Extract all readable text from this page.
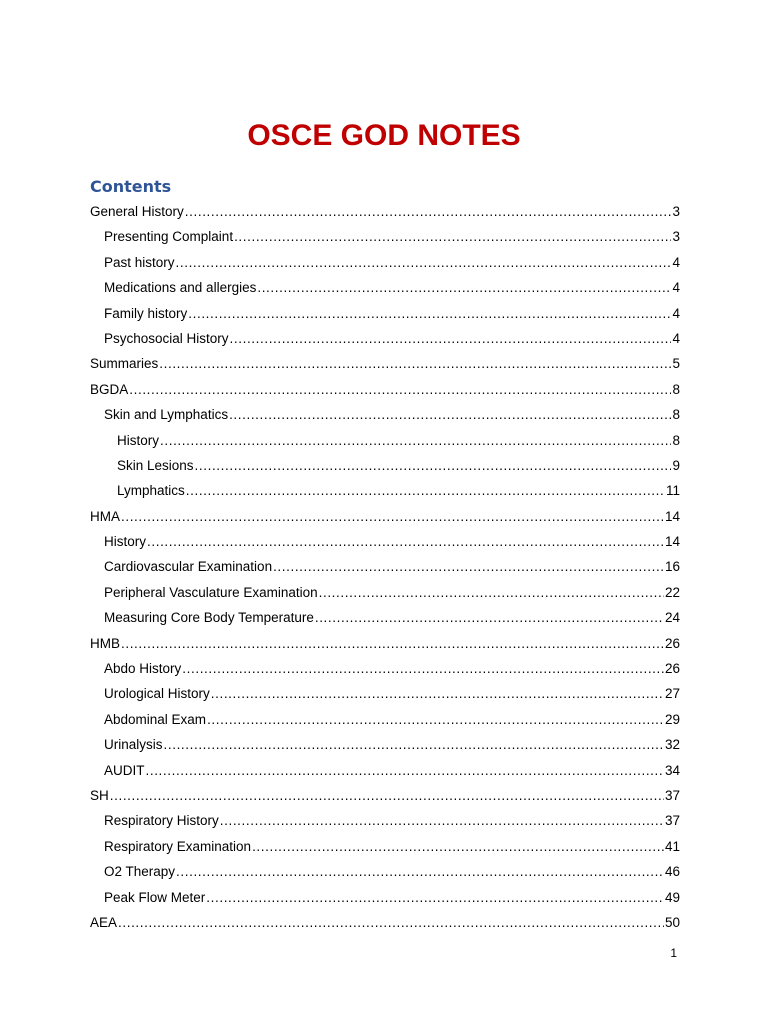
OSCE GOD NOTES
Contents
General History .....	3
Presenting Complaint .....	3
Past history .....	4
Medications and allergies .....	4
Family history .....	4
Psychosocial History .....	4
Summaries .....	5
BGDA .....	8
Skin and Lymphatics .....	8
History .....	8
Skin Lesions .....	9
Lymphatics .....	11
HMA .....	14
History .....	14
Cardiovascular Examination .....	16
Peripheral Vasculature Examination .....	22
Measuring Core Body Temperature .....	24
HMB .....	26
Abdo History .....	26
Urological History .....	27
Abdominal Exam .....	29
Urinalysis .....	32
AUDIT .....	34
SH .....	37
Respiratory History .....	37
Respiratory Examination .....	41
O2 Therapy .....	46
Peak Flow Meter .....	49
AEA .....	50
1
